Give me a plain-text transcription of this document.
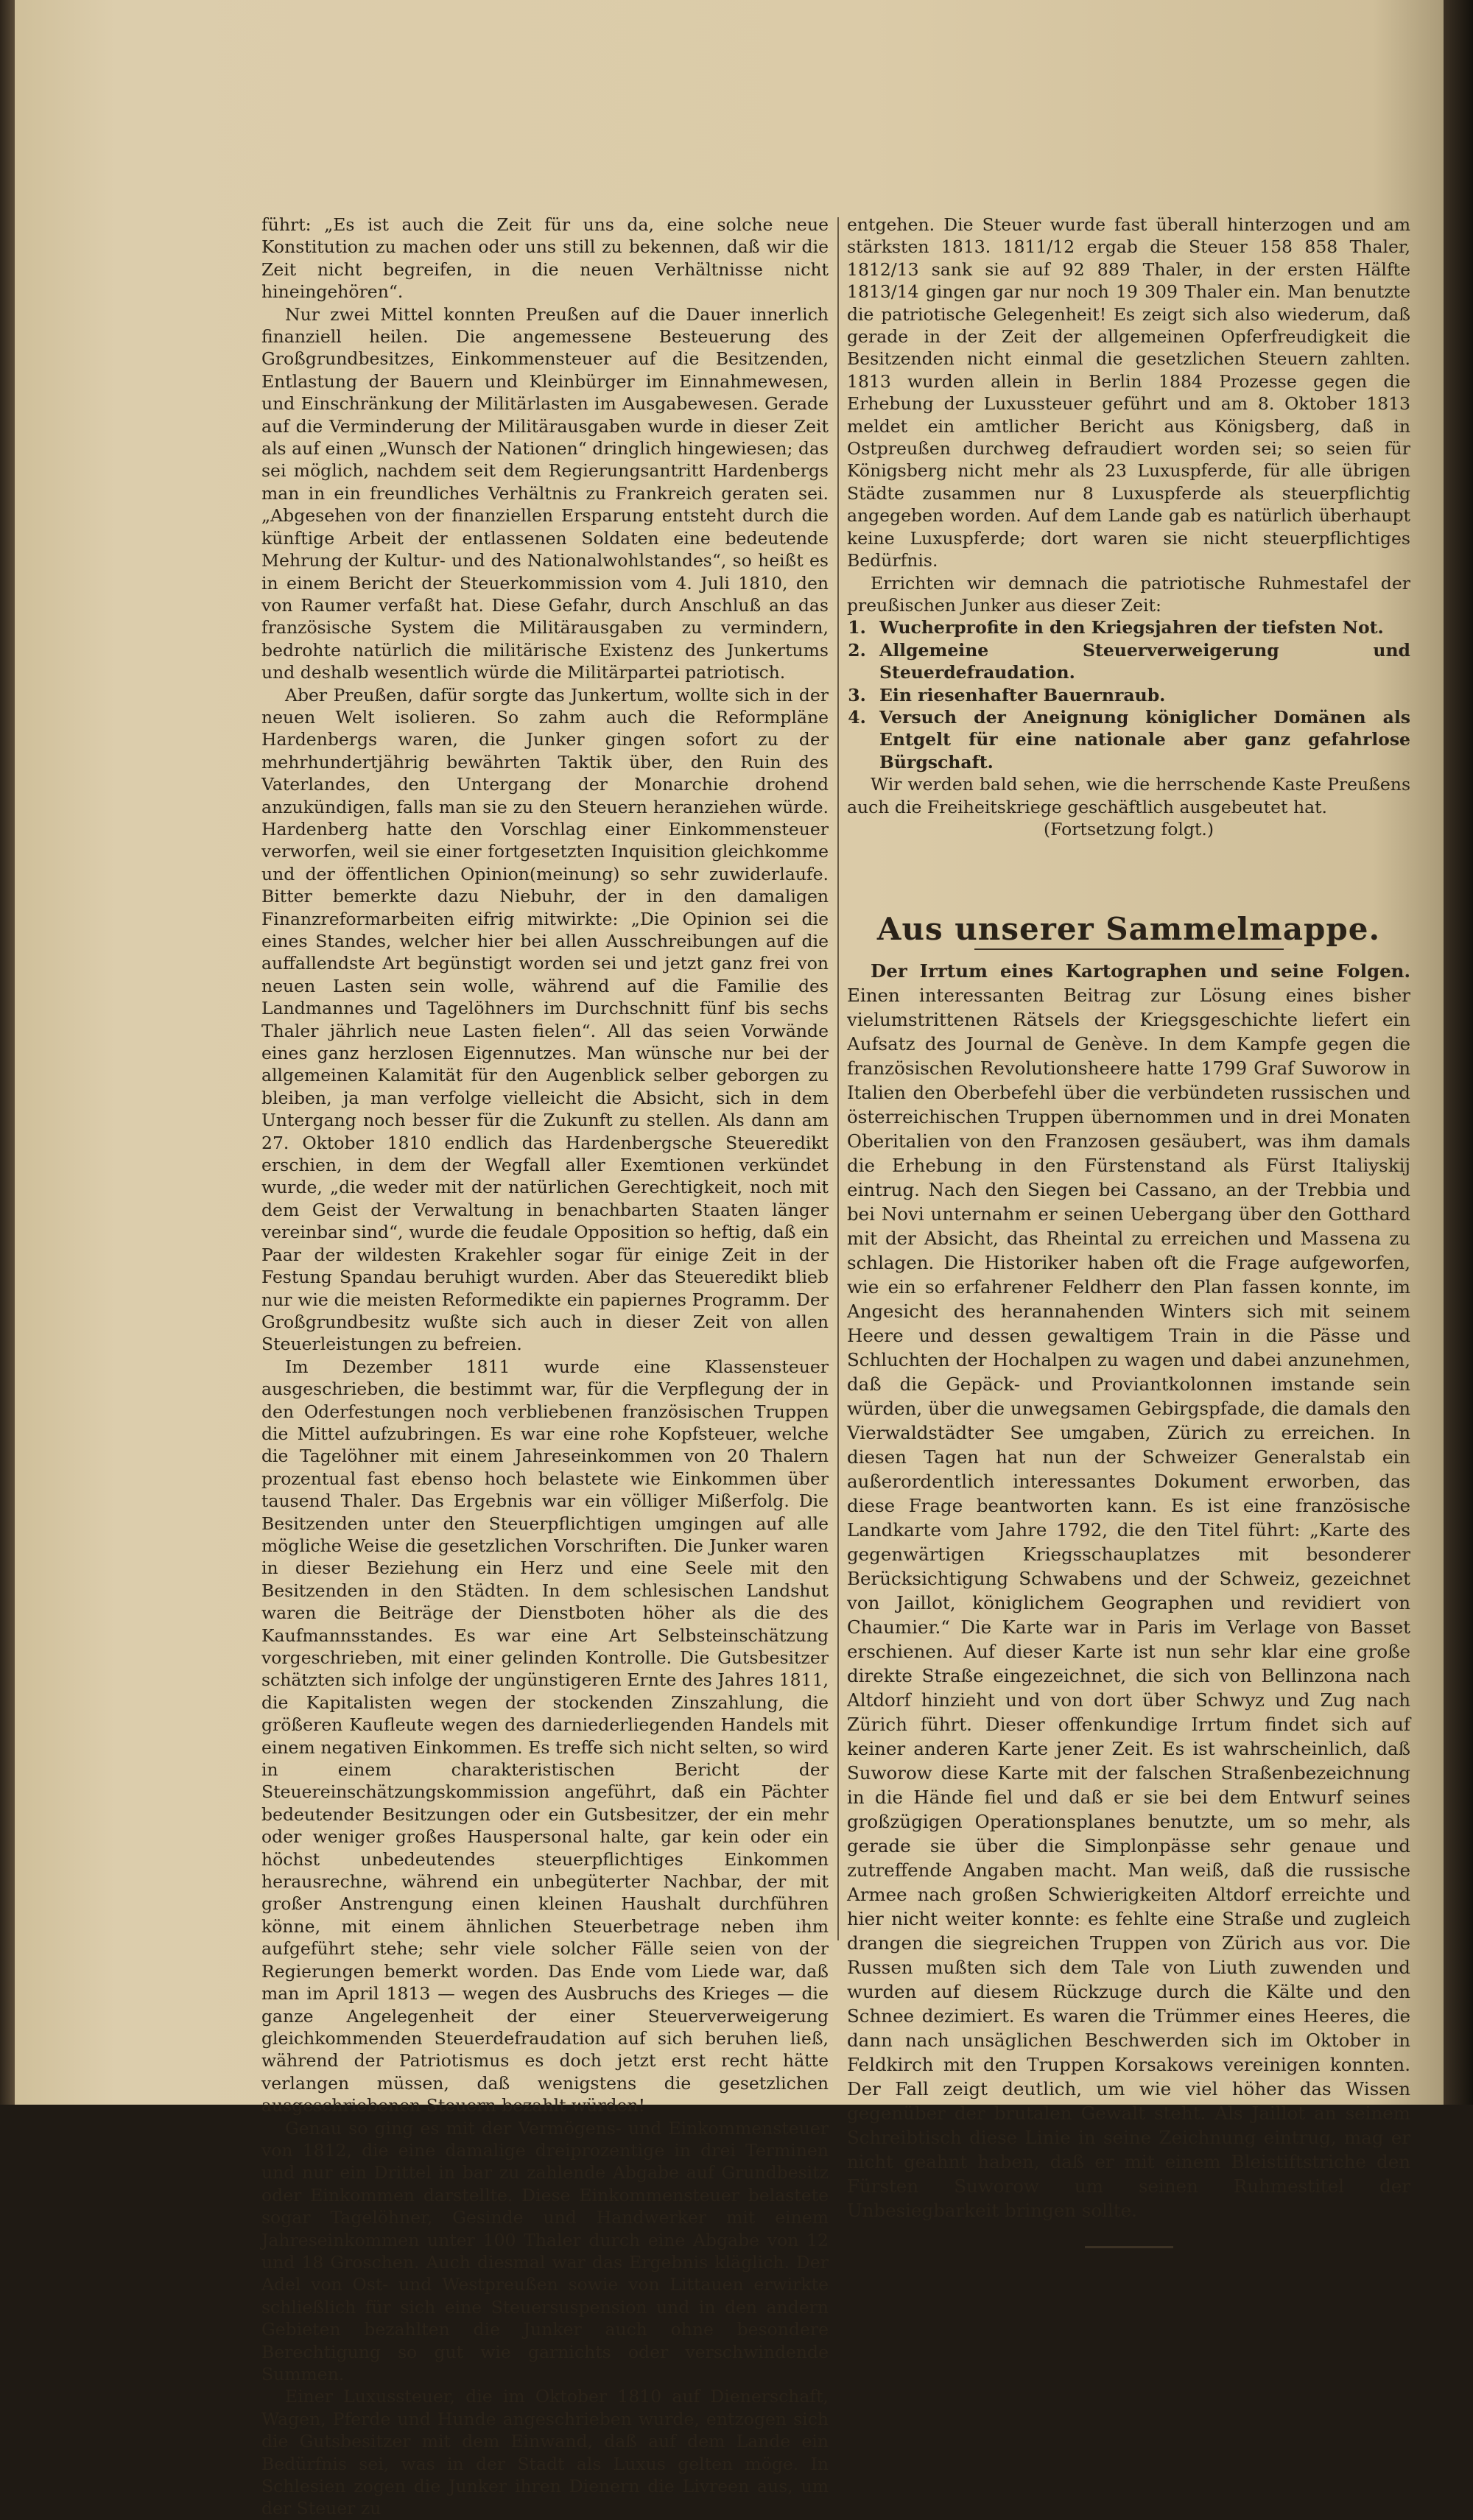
führt: „Es ist auch die Zeit für uns da, eine solche neue Konstitution zu machen oder uns still zu bekennen, daß wir die Zeit nicht begreifen, in die neuen Verhältnisse nicht hineingehören“.

Nur zwei Mittel konnten Preußen auf die Dauer innerlich finanziell heilen. Die angemessene Besteuerung des Großgrundbesitzes, Einkommensteuer auf die Besitzenden, Entlastung der Bauern und Kleinbürger im Einnahmewesen, und Einschränkung der Militärlasten im Ausgabewesen. Gerade auf die Verminderung der Militärausgaben wurde in dieser Zeit als auf einen „Wunsch der Nationen“ dringlich hingewiesen; das sei möglich, nachdem seit dem Regierungsantritt Hardenbergs man in ein freundliches Verhältnis zu Frankreich geraten sei. „Abgesehen von der finanziellen Ersparung entsteht durch die künftige Arbeit der entlassenen Soldaten eine bedeutende Mehrung der Kultur- und des Nationalwohlstandes“, so heißt es in einem Bericht der Steuerkommission vom 4. Juli 1810, den von Raumer verfaßt hat. Diese Gefahr, durch Anschluß an das französische System die Militärausgaben zu vermindern, bedrohte natürlich die militärische Existenz des Junkertums und deshalb wesentlich würde die Militärpartei patriotisch.

Aber Preußen, dafür sorgte das Junkertum, wollte sich in der neuen Welt isolieren. So zahm auch die Reformpläne Hardenbergs waren, die Junker gingen sofort zu der mehrhundertjährig bewährten Taktik über, den Ruin des Vaterlandes, den Untergang der Monarchie drohend anzukündigen, falls man sie zu den Steuern heranziehen würde. Hardenberg hatte den Vorschlag einer Einkommensteuer verworfen, weil sie einer fortgesetzten Inquisition gleichkomme und der öffentlichen Opinion(meinung) so sehr zuwiderlaufe. Bitter bemerkte dazu Niebuhr, der in den damaligen Finanzreformarbeiten eifrig mitwirkte: „Die Opinion sei die eines Standes, welcher hier bei allen Ausschreibungen auf die auffallendste Art begünstigt worden sei und jetzt ganz frei von neuen Lasten sein wolle, während auf die Familie des Landmannes und Tagelöhners im Durchschnitt fünf bis sechs Thaler jährlich neue Lasten fielen“. All das seien Vorwände eines ganz herzlosen Eigennutzes. Man wünsche nur bei der allgemeinen Kalamität für den Augenblick selber geborgen zu bleiben, ja man verfolge vielleicht die Absicht, sich in dem Untergang noch besser für die Zukunft zu stellen. Als dann am 27. Oktober 1810 endlich das Hardenbergsche Steueredikt erschien, in dem der Wegfall aller Exemtionen verkündet wurde, „die weder mit der natürlichen Gerechtigkeit, noch mit dem Geist der Verwaltung in benachbarten Staaten länger vereinbar sind“, wurde die feudale Opposition so heftig, daß ein Paar der wildesten Krakehler sogar für einige Zeit in der Festung Spandau beruhigt wurden. Aber das Steueredikt blieb nur wie die meisten Reformedikte ein papiernes Programm. Der Großgrundbesitz wußte sich auch in dieser Zeit von allen Steuerleistungen zu befreien.

Im Dezember 1811 wurde eine Klassensteuer ausgeschrieben, die bestimmt war, für die Verpflegung der in den Oderfestungen noch verbliebenen französischen Truppen die Mittel aufzubringen. Es war eine rohe Kopfsteuer, welche die Tagelöhner mit einem Jahreseinkommen von 20 Thalern prozentual fast ebenso hoch belastete wie Einkommen über tausend Thaler. Das Ergebnis war ein völliger Mißerfolg. Die Besitzenden unter den Steuerpflichtigen umgingen auf alle mögliche Weise die gesetzlichen Vorschriften. Die Junker waren in dieser Beziehung ein Herz und eine Seele mit den Besitzenden in den Städten. In dem schlesischen Landshut waren die Beiträge der Dienstboten höher als die des Kaufmannsstandes. Es war eine Art Selbsteinschätzung vorgeschrieben, mit einer gelinden Kontrolle. Die Gutsbesitzer schätzten sich infolge der ungünstigeren Ernte des Jahres 1811, die Kapitalisten wegen der stockenden Zinszahlung, die größeren Kaufleute wegen des darniederliegenden Handels mit einem negativen Einkommen. Es treffe sich nicht selten, so wird in einem charakteristischen Bericht der Steuereinschätzungskommission angeführt, daß ein Pächter bedeutender Besitzungen oder ein Gutsbesitzer, der ein mehr oder weniger großes Hauspersonal halte, gar kein oder ein höchst unbedeutendes steuerpflichtiges Einkommen herausrechne, während ein unbegüterter Nachbar, der mit großer Anstrengung einen kleinen Haushalt durchführen könne, mit einem ähnlichen Steuerbetrage neben ihm aufgeführt stehe; sehr viele solcher Fälle seien von der Regierungen bemerkt worden. Das Ende vom Liede war, daß man im April 1813 — wegen des Ausbruchs des Krieges — die ganze Angelegenheit der einer Steuerverweigerung gleichkommenden Steuerdefraudation auf sich beruhen ließ, während der Patriotismus es doch jetzt erst recht hätte verlangen müssen, daß wenigstens die gesetzlichen ausgeschriebenen Steuern bezahlt würden!

Genau so ging es mit der Vermögens- und Einkommensteuer von 1812, die eine damalige dreiprozentige in drei Terminen und nur ein Drittel in bar zu zahlende Abgabe auf Grundbesitz oder Einkommen darstellte. Diese Einkommensteuer belastete sogar Tagelöhner, Gesinde und Handwerker mit einem Jahreseinkommen unter 100 Thaler durch eine Abgabe von 12 und 18 Groschen. Auch diesmal war das Ergebnis kläglich. Der Adel von Ost- und Westpreußen sowie von Littauen erwirkte schließlich für sich eine Steuersuspension und in den andern Gebieten bezahlten die Junker auch ohne besondere Berechtigung so gut wie garnichts oder verschwindende Summen.

Einer Luxussteuer, die im Oktober 1810 auf Dienerschaft, Wagen, Pferde und Hunde angeschrieben wurde, entzogen sich die Gutsbesitzer mit dem Einwand, daß auf dem Lande ein Bedürfnis sei, was in der Stadt als Luxus gelten möge. In Schlesien zogen die Junker ihren Dienern die Livreen aus, um der Steuer zu

entgehen. Die Steuer wurde fast überall hinterzogen und am stärksten 1813. 1811/12 ergab die Steuer 158 858 Thaler, 1812/13 sank sie auf 92 889 Thaler, in der ersten Hälfte 1813/14 gingen gar nur noch 19 309 Thaler ein. Man benutzte die patriotische Gelegenheit! Es zeigt sich also wiederum, daß gerade in der Zeit der allgemeinen Opferfreudigkeit die Besitzenden nicht einmal die gesetzlichen Steuern zahlten. 1813 wurden allein in Berlin 1884 Prozesse gegen die Erhebung der Luxussteuer geführt und am 8. Oktober 1813 meldet ein amtlicher Bericht aus Königsberg, daß in Ostpreußen durchweg defraudiert worden sei; so seien für Königsberg nicht mehr als 23 Luxuspferde, für alle übrigen Städte zusammen nur 8 Luxuspferde als steuerpflichtig angegeben worden. Auf dem Lande gab es natürlich überhaupt keine Luxuspferde; dort waren sie nicht steuerpflichtiges Bedürfnis.

Errichten wir demnach die patriotische Ruhmestafel der preußischen Junker aus dieser Zeit:

1. Wucherprofite in den Kriegsjahren der tiefsten Not.
2. Allgemeine Steuerverweigerung und Steuerdefraudation.
3. Ein riesenhafter Bauernraub.
4. Versuch der Aneignung königlicher Domänen als Entgelt für eine nationale aber ganz gefahrlose Bürgschaft.

Wir werden bald sehen, wie die herrschende Kaste Preußens auch die Freiheitskriege geschäftlich ausgebeutet hat.

(Fortsetzung folgt.)

Aus unserer Sammelmappe.

Der Irrtum eines Kartographen und seine Folgen. Einen interessanten Beitrag zur Lösung eines bisher vielumstrittenen Rätsels der Kriegsgeschichte liefert ein Aufsatz des Journal de Genève. In dem Kampfe gegen die französischen Revolutionsheere hatte 1799 Graf Suworow in Italien den Oberbefehl über die verbündeten russischen und österreichischen Truppen übernommen und in drei Monaten Oberitalien von den Franzosen gesäubert, was ihm damals die Erhebung in den Fürstenstand als Fürst Italiyskij eintrug. Nach den Siegen bei Cassano, an der Trebbia und bei Novi unternahm er seinen Uebergang über den Gotthard mit der Absicht, das Rheintal zu erreichen und Massena zu schlagen. Die Historiker haben oft die Frage aufgeworfen, wie ein so erfahrener Feldherr den Plan fassen konnte, im Angesicht des herannahenden Winters sich mit seinem Heere und dessen gewaltigem Train in die Pässe und Schluchten der Hochalpen zu wagen und dabei anzunehmen, daß die Gepäck- und Proviantkolonnen imstande sein würden, über die unwegsamen Gebirgspfade, die damals den Vierwaldstädter See umgaben, Zürich zu erreichen. In diesen Tagen hat nun der Schweizer Generalstab ein außerordentlich interessantes Dokument erworben, das diese Frage beantworten kann. Es ist eine französische Landkarte vom Jahre 1792, die den Titel führt: „Karte des gegenwärtigen Kriegsschauplatzes mit besonderer Berücksichtigung Schwabens und der Schweiz, gezeichnet von Jaillot, königlichem Geographen und revidiert von Chaumier.“ Die Karte war in Paris im Verlage von Basset erschienen. Auf dieser Karte ist nun sehr klar eine große direkte Straße eingezeichnet, die sich von Bellinzona nach Altdorf hinzieht und von dort über Schwyz und Zug nach Zürich führt. Dieser offenkundige Irrtum findet sich auf keiner anderen Karte jener Zeit. Es ist wahrscheinlich, daß Suworow diese Karte mit der falschen Straßenbezeichnung in die Hände fiel und daß er sie bei dem Entwurf seines großzügigen Operationsplanes benutzte, um so mehr, als gerade sie über die Simplonpässe sehr genaue und zutreffende Angaben macht. Man weiß, daß die russische Armee nach großen Schwierigkeiten Altdorf erreichte und hier nicht weiter konnte: es fehlte eine Straße und zugleich drangen die siegreichen Truppen von Zürich aus vor. Die Russen mußten sich dem Tale von Liuth zuwenden und wurden auf diesem Rückzuge durch die Kälte und den Schnee dezimiert. Es waren die Trümmer eines Heeres, die dann nach unsäglichen Beschwerden sich im Oktober in Feldkirch mit den Truppen Korsakows vereinigen konnten. Der Fall zeigt deutlich, um wie viel höher das Wissen gegenüber der brutalen Gewalt steht. Als Jaillot an seinem Schreibtisch diese Linie in seine Zeichnung eintrug, mag er nicht geahnt haben, daß er mit einem Bleistiftstriche den Fürsten Suworow um seinen Ruhmestitel der Unbesiegbarkeit bringen sollte.
